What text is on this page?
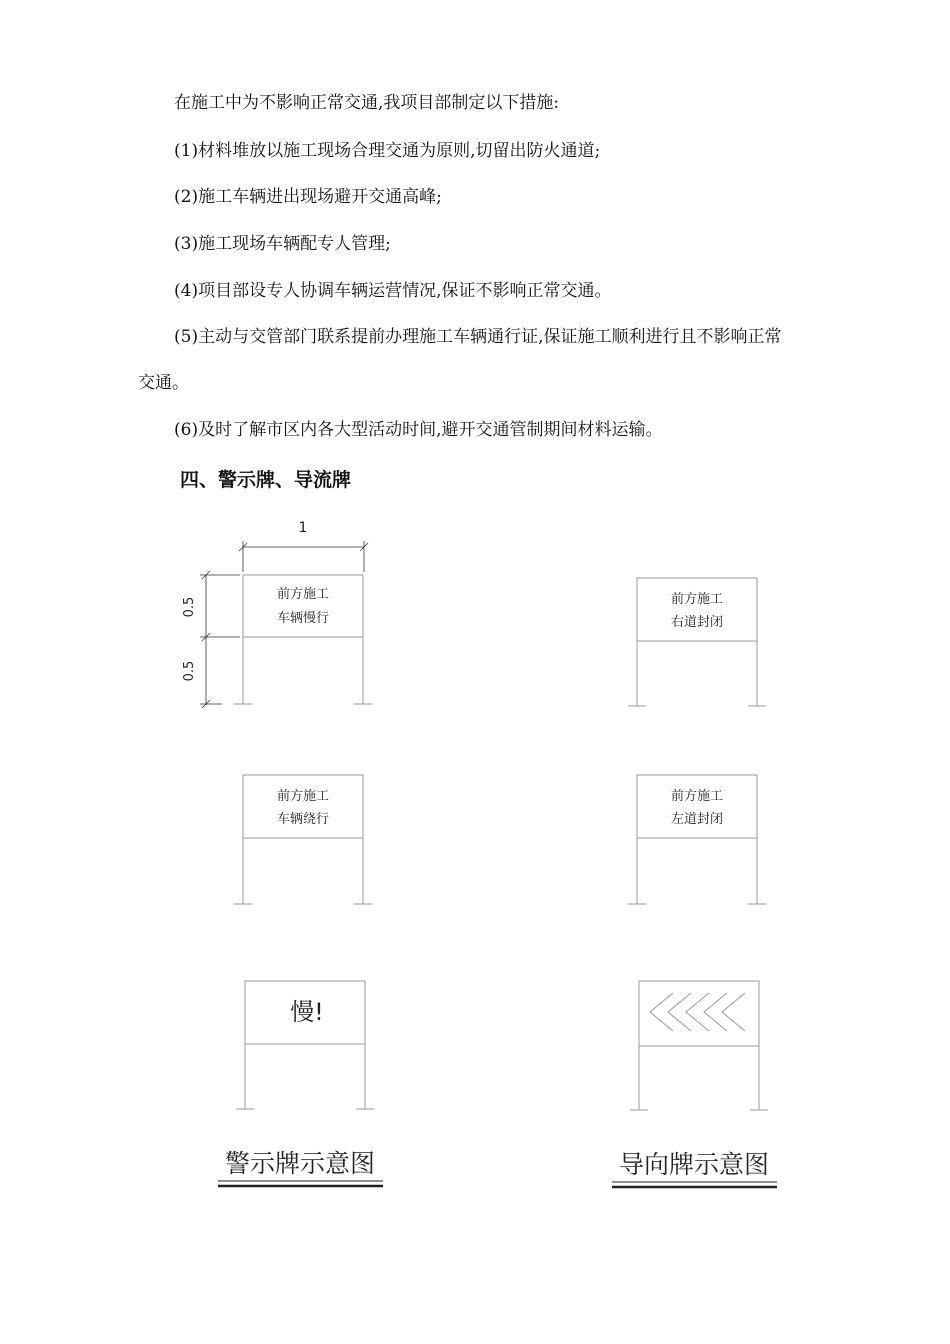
在施工中为不影响正常交通,我项目部制定以下措施:
(1)材料堆放以施工现场合理交通为原则,切留出防火通道;
(2)施工车辆进出现场避开交通高峰;
(3)施工现场车辆配专人管理;
(4)项目部设专人协调车辆运营情况,保证不影响正常交通。
(5)主动与交管部门联系提前办理施工车辆通行证,保证施工顺利进行且不影响正常
交通。
(6)及时了解市区内各大型活动时间,避开交通管制期间材料运输。
四、警示牌、导流牌
1
0.5
0.5
前方施工
车辆慢行
前方施工
右道封闭
前方施工
车辆绕行
前方施工
左道封闭
慢!
警示牌示意图	导向牌示意图
